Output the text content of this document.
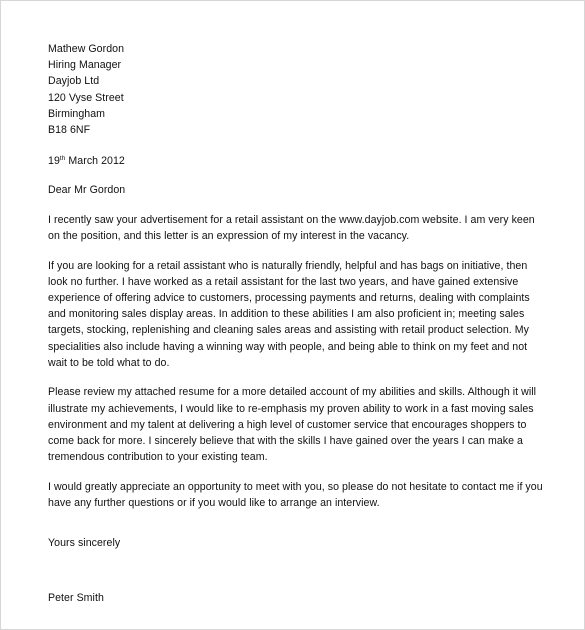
Mathew Gordon
Hiring Manager
Dayjob Ltd
120 Vyse Street
Birmingham
B18 6NF
19th March 2012
Dear Mr Gordon

I recently saw your advertisement for a retail assistant on the www.dayjob.com website. I am very keen on the position, and this letter is an expression of my interest in the vacancy.

If you are looking for a retail assistant who is naturally friendly, helpful and has bags on initiative, then look no further. I have worked as a retail assistant for the last two years, and have gained extensive experience of offering advice to customers, processing payments and returns, dealing with complaints and monitoring sales display areas. In addition to these abilities I am also proficient in; meeting sales targets, stocking, replenishing and cleaning sales areas and assisting with retail product selection. My specialities also include having a winning way with people, and being able to think on my feet and not wait to be told what to do.

Please review my attached resume for a more detailed account of my abilities and skills. Although it will illustrate my achievements, I would like to re-emphasis my proven ability to work in a fast moving sales environment and my talent at delivering a high level of customer service that encourages shoppers to come back for more. I sincerely believe that with the skills I have gained over the years I can make a tremendous contribution to your existing team.

I would greatly appreciate an opportunity to meet with you, so please do not hesitate to contact me if you have any further questions or if you would like to arrange an interview.

Yours sincerely
Peter Smith
